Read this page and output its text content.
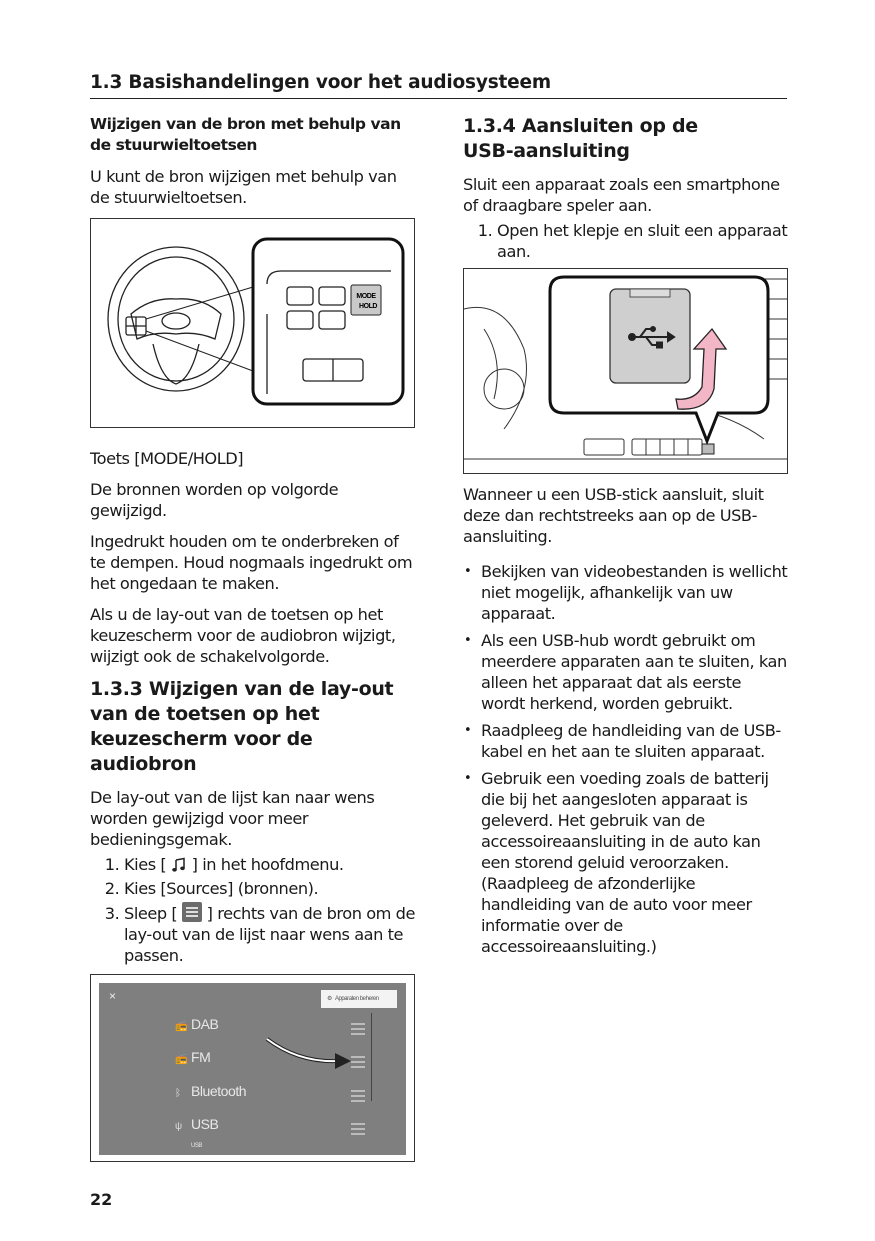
1.3 Basishandelingen voor het audiosysteem
Wijzigen van de bron met behulp van de stuurwieltoetsen

U kunt de bron wijzigen met behulp van de stuurwieltoetsen.

MODE
HOLD

Toets [MODE/HOLD]

De bronnen worden op volgorde gewijzigd.

Ingedrukt houden om te onderbreken of te dempen. Houd nogmaals ingedrukt om het ongedaan te maken.

Als u de lay-out van de toetsen op het keuzescherm voor de audiobron wijzigt, wijzigt ook de schakelvolgorde.

1.3.3 Wijzigen van de lay-out van de toetsen op het keuzescherm voor de audiobron

De lay-out van de lijst kan naar wens worden gewijzigd voor meer bedieningsgemak.

1. Kies [  ] in het hoofdmenu.
2. Kies [Sources] (bronnen).
3. Sleep [  ] rechts van de bron om de lay-out van de lijst naar wens aan te passen.
×	⚙ Apparaten beheren
📻 DAB
📻 FM
ᛒ Bluetooth
ψ USB
USB
1.3.4 Aansluiten op de USB-aansluiting

Sluit een apparaat zoals een smartphone of draagbare speler aan.

1. Open het klepje en sluit een apparaat aan.

Wanneer u een USB-stick aansluit, sluit deze dan rechtstreeks aan op de USB-aansluiting.

• Bekijken van videobestanden is wellicht niet mogelijk, afhankelijk van uw apparaat.
• Als een USB-hub wordt gebruikt om meerdere apparaten aan te sluiten, kan alleen het apparaat dat als eerste wordt herkend, worden gebruikt.
• Raadpleeg de handleiding van de USB-kabel en het aan te sluiten apparaat.
• Gebruik een voeding zoals de batterij die bij het aangesloten apparaat is geleverd. Het gebruik van de accessoireaansluiting in de auto kan een storend geluid veroorzaken. (Raadpleeg de afzonderlijke handleiding van de auto voor meer informatie over de accessoireaansluiting.)
22
